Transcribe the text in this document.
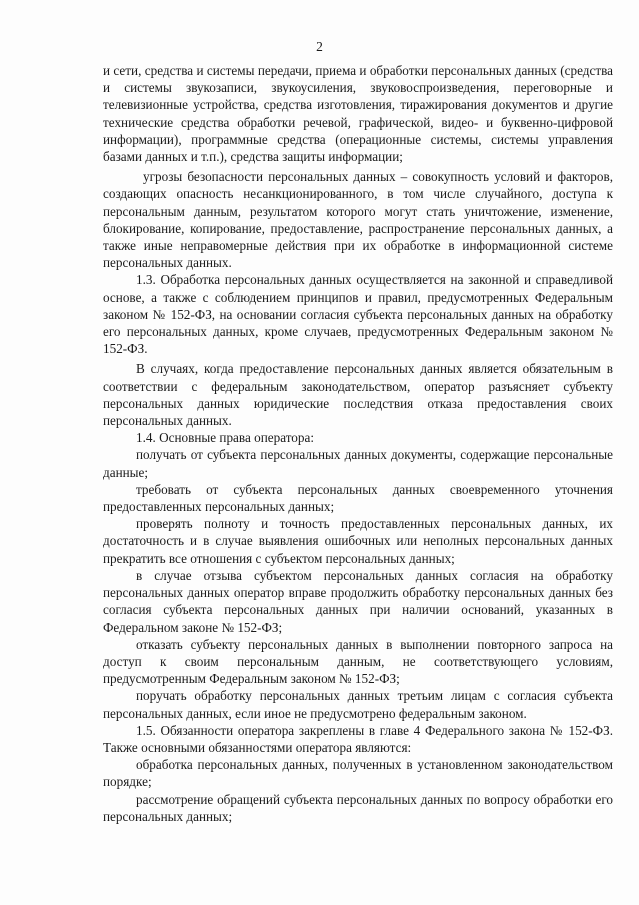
2

и сети, средства и системы передачи, приема и обработки персональных данных (средства и системы звукозаписи, звукоусиления, звуковоспроизведения, переговорные и телевизионные устройства, средства изготовления, тиражирования документов и другие технические средства обработки речевой, графической, видео- и буквенно-цифровой информации), программные средства (операционные системы, системы управления базами данных и т.п.), средства защиты информации;

угрозы безопасности персональных данных – совокупность условий и факторов, создающих опасность несанкционированного, в том числе случайного, доступа к персональным данным, результатом которого могут стать уничтожение, изменение, блокирование, копирование, предоставление, распространение персональных данных, а также иные неправомерные действия при их обработке в информационной системе персональных данных.

1.3. Обработка персональных данных осуществляется на законной и справедливой основе, а также с соблюдением принципов и правил, предусмотренных Федеральным законом № 152-ФЗ, на основании согласия субъекта персональных данных на обработку его персональных данных, кроме случаев, предусмотренных Федеральным законом № 152-ФЗ.

В случаях, когда предоставление персональных данных является обязательным в соответствии с федеральным законодательством, оператор разъясняет субъекту персональных данных юридические последствия отказа предоставления своих персональных данных.

1.4. Основные права оператора:

получать от субъекта персональных данных документы, содержащие персональные данные;

требовать от субъекта персональных данных своевременного уточнения предоставленных персональных данных;

проверять полноту и точность предоставленных персональных данных, их достаточность и в случае выявления ошибочных или неполных персональных данных прекратить все отношения с субъектом персональных данных;

в случае отзыва субъектом персональных данных согласия на обработку персональных данных оператор вправе продолжить обработку персональных данных без согласия субъекта персональных данных при наличии оснований, указанных в Федеральном законе № 152-ФЗ;

отказать субъекту персональных данных в выполнении повторного запроса на доступ к своим персональным данным, не соответствующего условиям, предусмотренным Федеральным законом № 152-ФЗ;

поручать обработку персональных данных третьим лицам с согласия субъекта персональных данных, если иное не предусмотрено федеральным законом.

1.5. Обязанности оператора закреплены в главе 4 Федерального закона № 152-ФЗ. Также основными обязанностями оператора являются:

обработка персональных данных, полученных в установленном законодательством порядке;

рассмотрение обращений субъекта персональных данных по вопросу обработки его персональных данных;
